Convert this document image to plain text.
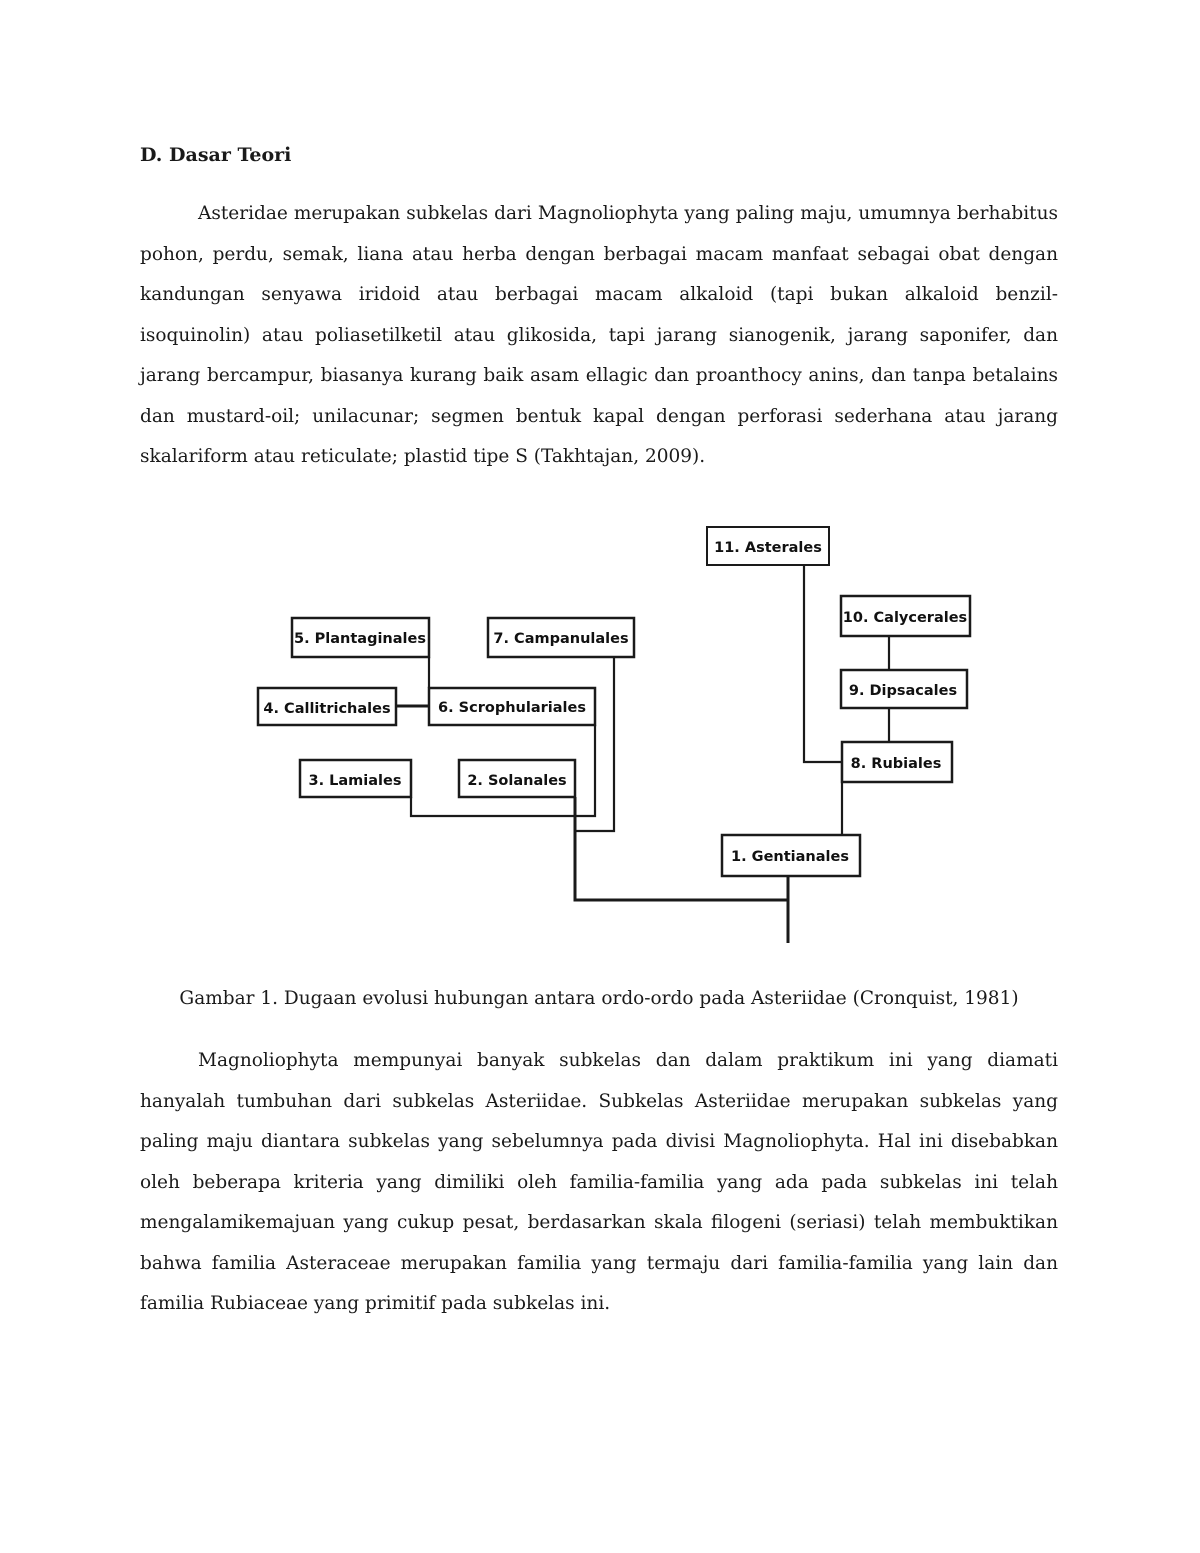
D. Dasar Teori

Asteridae merupakan subkelas dari Magnoliophyta yang paling maju, umumnya berhabitus pohon, perdu, semak, liana atau herba dengan berbagai macam manfaat sebagai obat dengan kandungan senyawa iridoid atau berbagai macam alkaloid (tapi bukan alkaloid benzil-isoquinolin) atau poliasetilketil atau glikosida, tapi jarang sianogenik, jarang saponifer, dan jarang bercampur, biasanya kurang baik asam ellagic dan proanthocy anins, dan tanpa betalains dan mustard-oil; unilacunar; segmen bentuk kapal dengan perforasi sederhana atau jarang skalariform atau reticulate; plastid tipe S (Takhtajan, 2009).

11. Asterales
10. Calycerales
9. Dipsacales
8. Rubiales
1. Gentianales
5. Plantaginales	7. Campanulales
4. Callitrichales	6. Scrophulariales
3. Lamiales	2. Solanales

Gambar 1. Dugaan evolusi hubungan antara ordo-ordo pada Asteriidae (Cronquist, 1981)

Magnoliophyta mempunyai banyak subkelas dan dalam praktikum ini yang diamati hanyalah tumbuhan dari subkelas Asteriidae. Subkelas Asteriidae merupakan subkelas yang paling maju diantara subkelas yang sebelumnya pada divisi Magnoliophyta. Hal ini disebabkan oleh beberapa kriteria yang dimiliki oleh familia-familia yang ada pada subkelas ini telah mengalamikemajuan yang cukup pesat, berdasarkan skala filogeni (seriasi) telah membuktikan bahwa familia Asteraceae merupakan familia yang termaju dari familia-familia yang lain dan familia Rubiaceae yang primitif pada subkelas ini.
